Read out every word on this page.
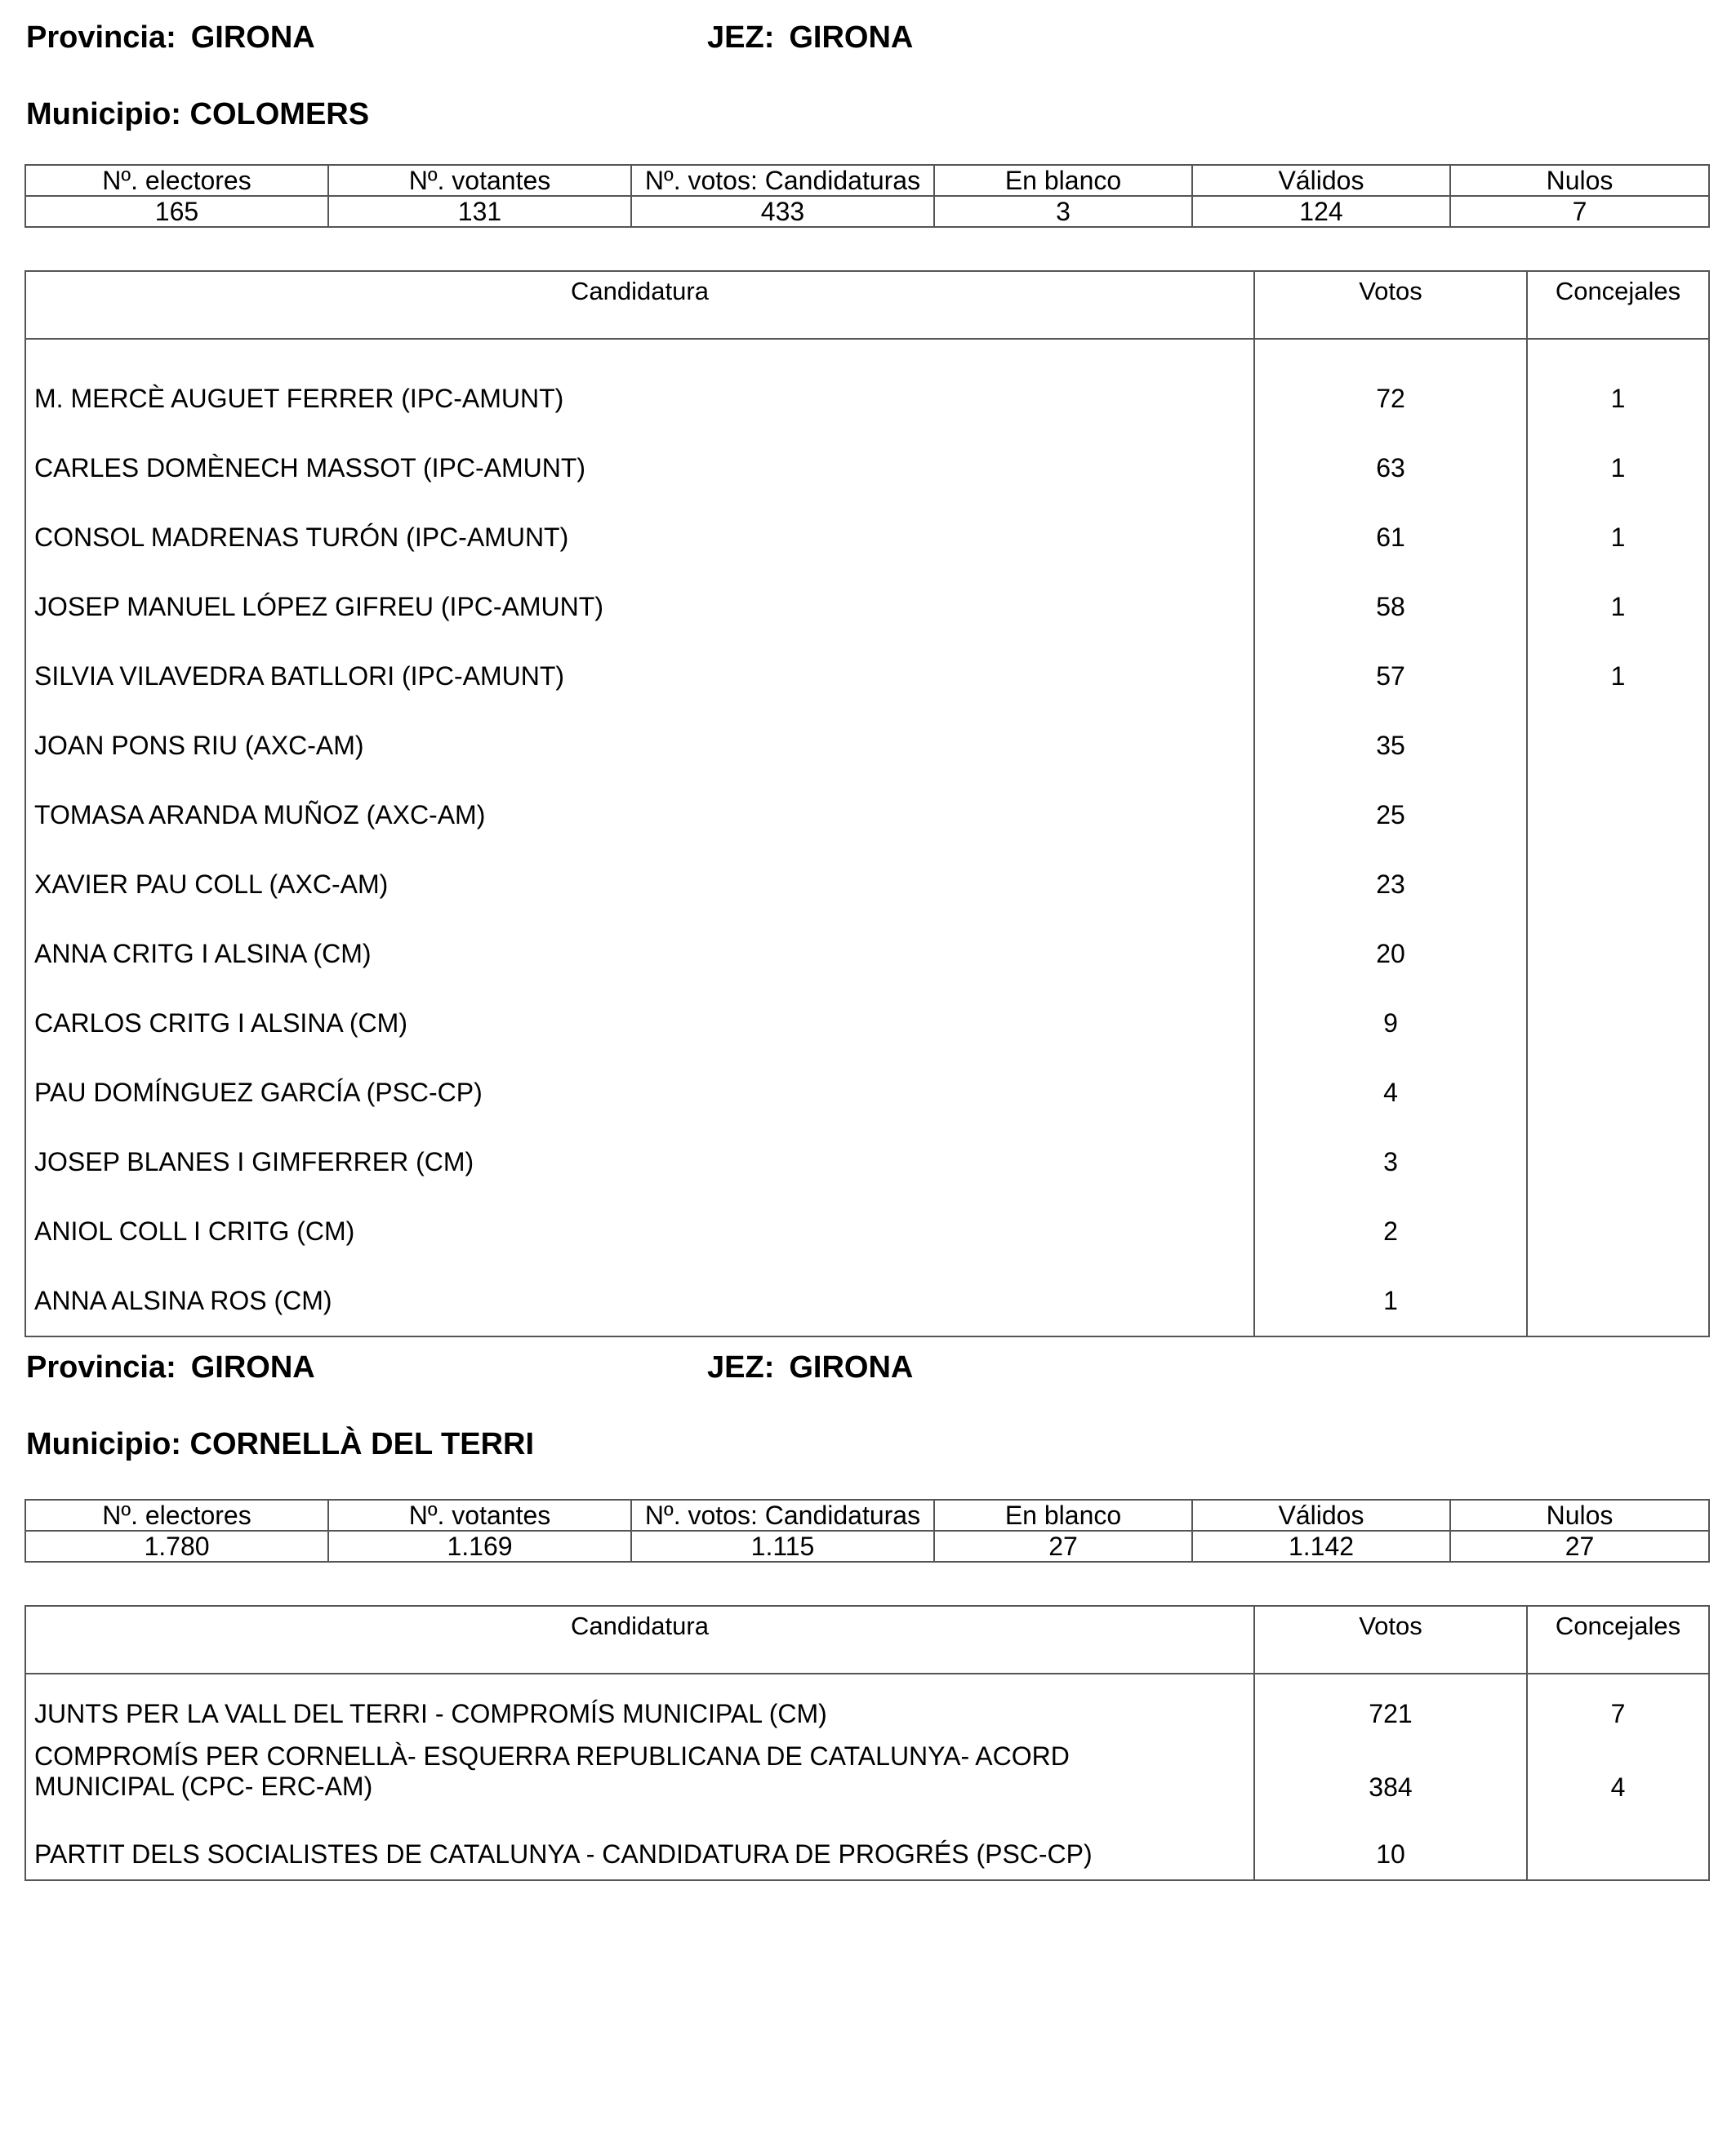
Provincia: GIRONA	JEZ: GIRONA
Municipio: COLOMERS
Nº. electores	Nº. votantes	Nº. votos: Candidaturas	En blanco	Válidos	Nulos
165	131	433	3	124	7
Candidatura	Votos	Concejales

M. MERCÈ AUGUET FERRER (IPC-AMUNT)	72	1
CARLES DOMÈNECH MASSOT (IPC-AMUNT)	63	1
CONSOL MADRENAS TURÓN (IPC-AMUNT)	61	1
JOSEP MANUEL LÓPEZ GIFREU (IPC-AMUNT)	58	1
SILVIA VILAVEDRA BATLLORI (IPC-AMUNT)	57	1
JOAN PONS RIU (AXC-AM)	35	
TOMASA ARANDA MUÑOZ (AXC-AM)	25	
XAVIER PAU COLL (AXC-AM)	23	
ANNA CRITG I ALSINA (CM)	20	
CARLOS CRITG I ALSINA (CM)	9	
PAU DOMÍNGUEZ GARCÍA (PSC-CP)	4	
JOSEP BLANES I GIMFERRER (CM)	3	
ANIOL COLL I CRITG (CM)	2	
ANNA ALSINA ROS (CM)	1	
Provincia: GIRONA	JEZ: GIRONA
Municipio: CORNELLÀ DEL TERRI
Nº. electores	Nº. votantes	Nº. votos: Candidaturas	En blanco	Válidos	Nulos
1.780	1.169	1.115	27	1.142	27
Candidatura	Votos	Concejales

JUNTS PER LA VALL DEL TERRI - COMPROMÍS MUNICIPAL (CM)	721	7

COMPROMÍS PER CORNELLÀ- ESQUERRA REPUBLICANA DE CATALUNYA- ACORD
MUNICIPAL (CPC- ERC-AM)	384	4
PARTIT DELS SOCIALISTES DE CATALUNYA - CANDIDATURA DE PROGRÉS (PSC-CP)	10	
